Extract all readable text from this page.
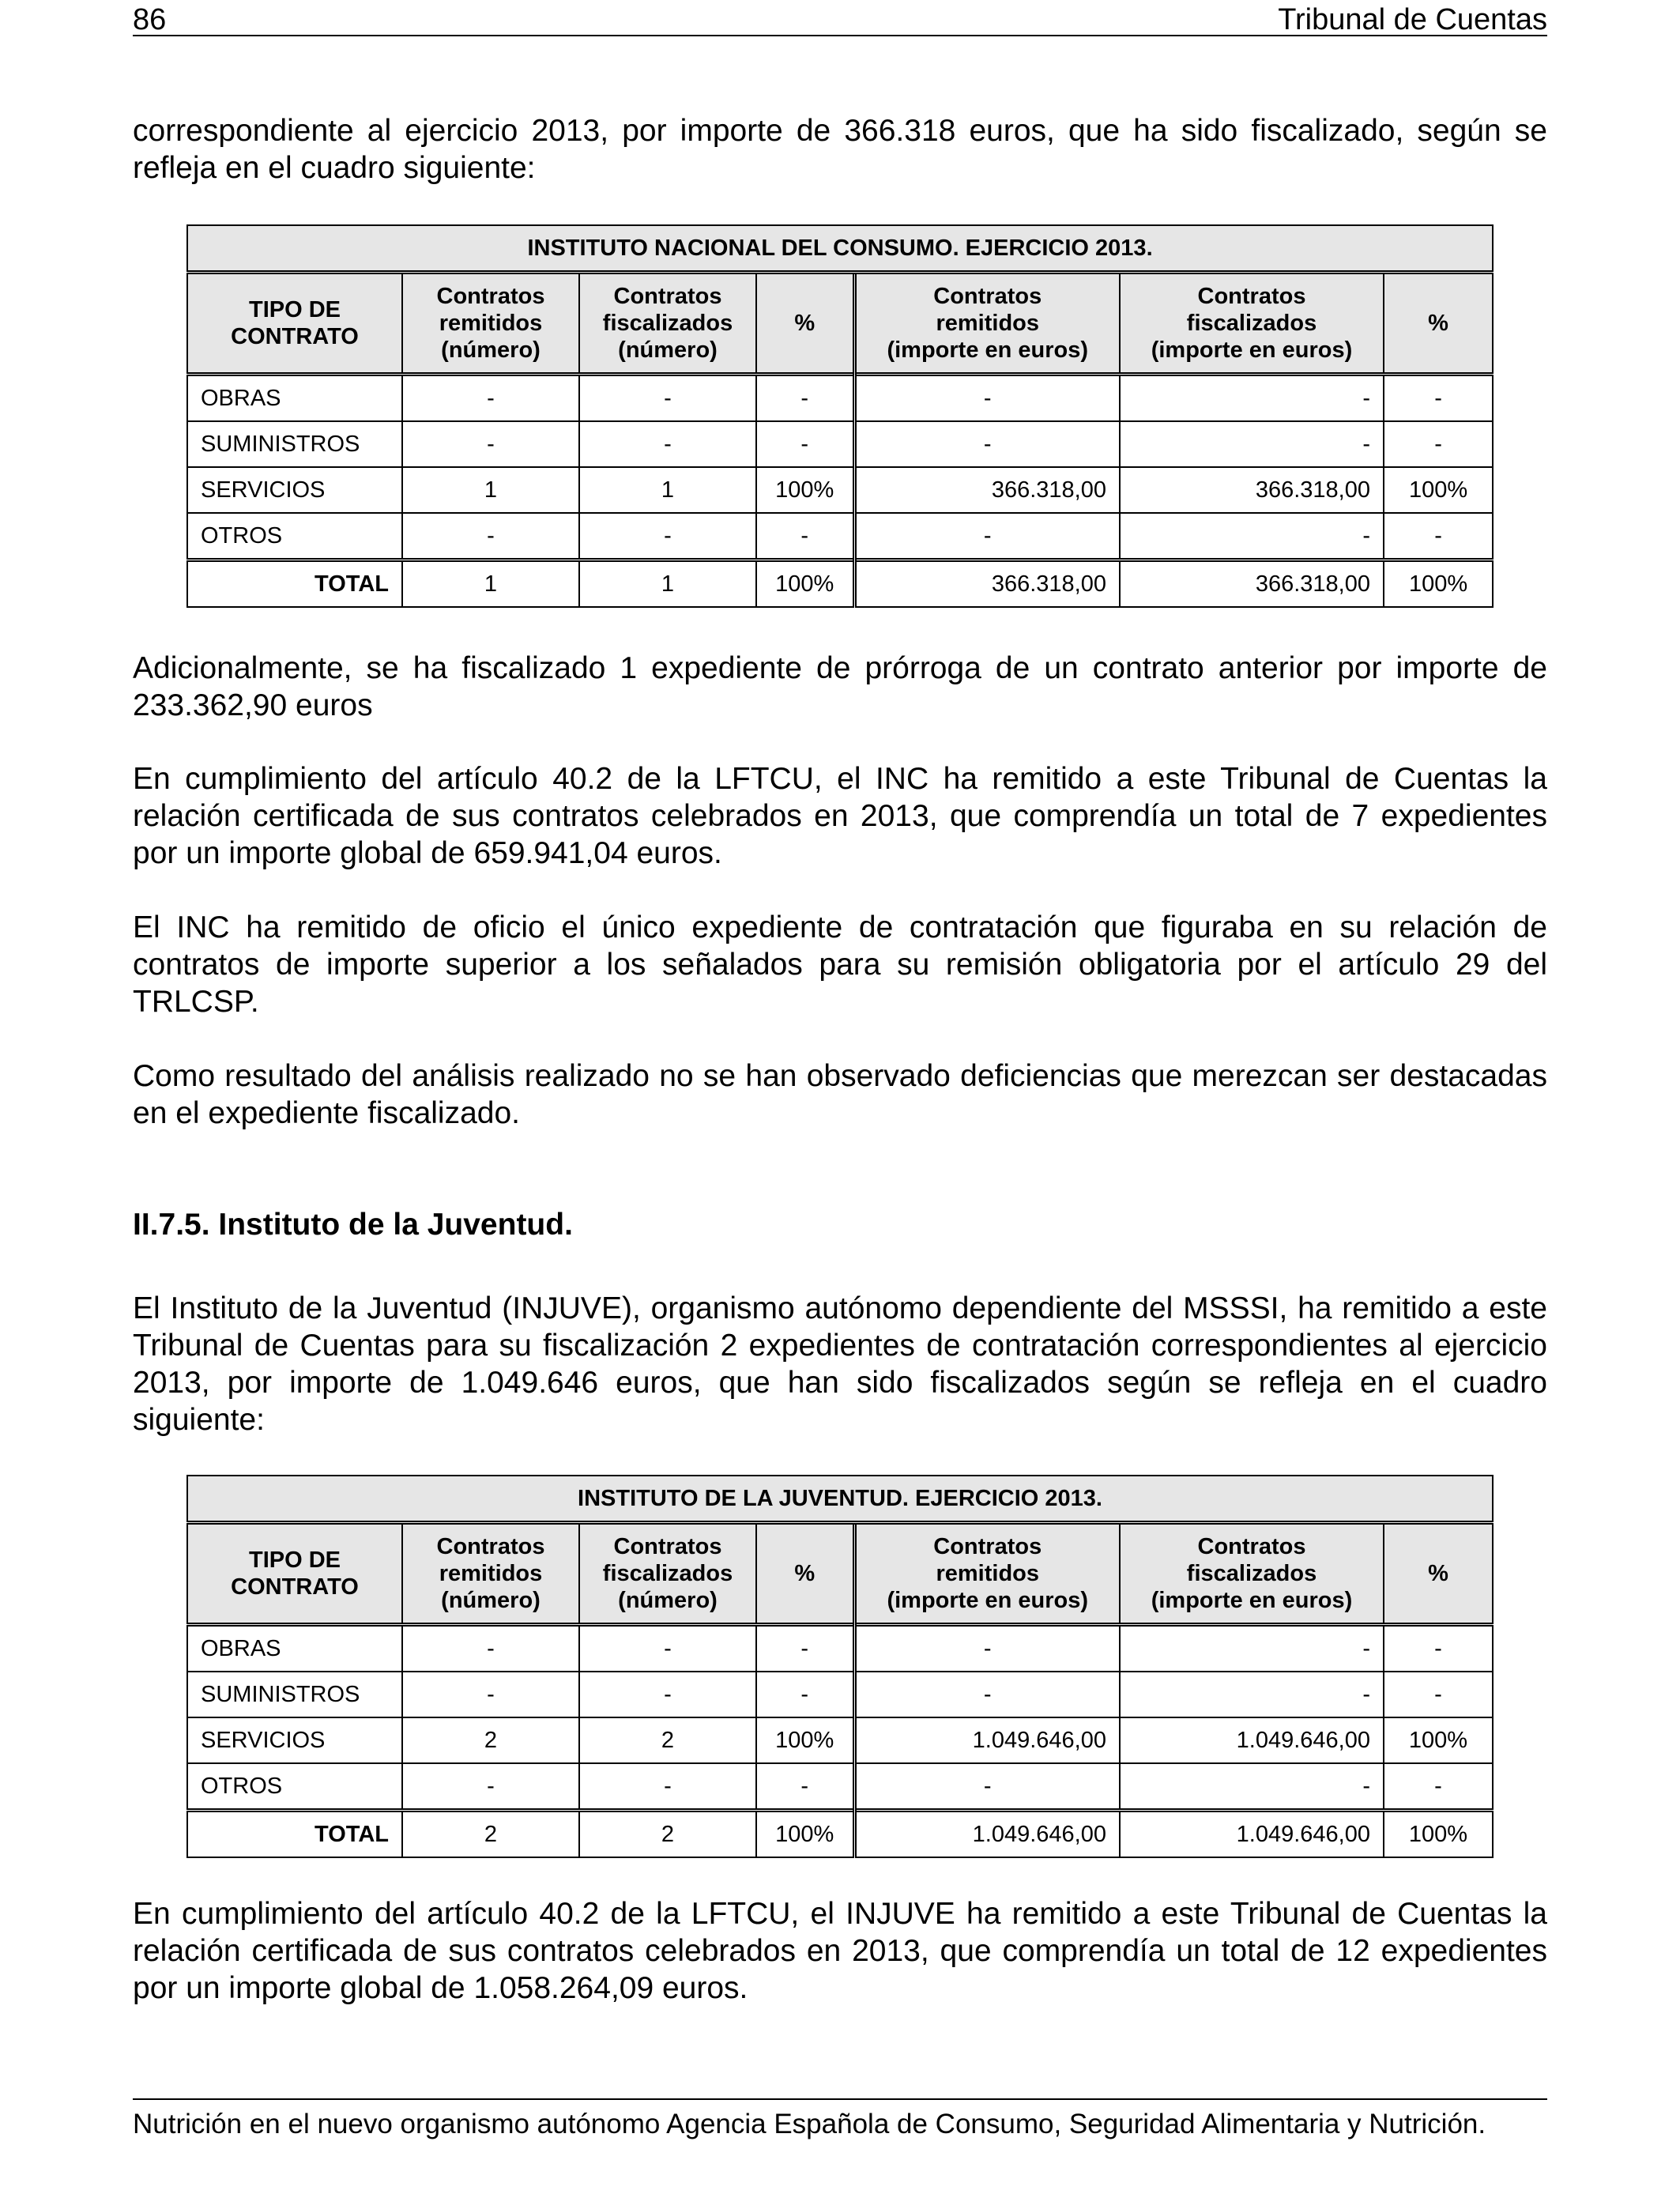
86	Tribunal de Cuentas

correspondiente al ejercicio 2013, por importe de 366.318 euros, que ha sido fiscalizado, según se refleja en el cuadro siguiente:

INSTITUTO NACIONAL DEL CONSUMO. EJERCICIO 2013.						
TIPO DE
CONTRATO	Contratos
remitidos
(número)	Contratos
fiscalizados
(número)	%	Contratos
remitidos
(importe en euros)	Contratos
fiscalizados
(importe en euros)	%
OBRAS	-	-	-	-	-	-
SUMINISTROS	-	-	-	-	-	-
SERVICIOS	1	1	100%	366.318,00	366.318,00	100%
OTROS	-	-	-	-	-	-
TOTAL	1	1	100%	366.318,00	366.318,00	100%

Adicionalmente, se ha fiscalizado 1 expediente de prórroga de un contrato anterior por importe de 233.362,90 euros

En cumplimiento del artículo 40.2 de la LFTCU, el INC ha remitido a este Tribunal de Cuentas la relación certificada de sus contratos celebrados en 2013, que comprendía un total de 7 expedientes por un importe global de 659.941,04 euros.

El INC ha remitido de oficio el único expediente de contratación que figuraba en su relación de contratos de importe superior a los señalados para su remisión obligatoria por el artículo 29 del TRLCSP.

Como resultado del análisis realizado no se han observado deficiencias que merezcan ser destacadas en el expediente fiscalizado.

II.7.5. Instituto de la Juventud.

El Instituto de la Juventud (INJUVE), organismo autónomo dependiente del MSSSI, ha remitido a este Tribunal de Cuentas para su fiscalización 2 expedientes de contratación correspondientes al ejercicio 2013, por importe de 1.049.646 euros, que han sido fiscalizados según se refleja en el cuadro siguiente:

INSTITUTO DE LA JUVENTUD. EJERCICIO 2013.						
TIPO DE
CONTRATO	Contratos
remitidos
(número)	Contratos
fiscalizados
(número)	%	Contratos
remitidos
(importe en euros)	Contratos
fiscalizados
(importe en euros)	%
OBRAS	-	-	-	-	-	-
SUMINISTROS	-	-	-	-	-	-
SERVICIOS	2	2	100%	1.049.646,00	1.049.646,00	100%
OTROS	-	-	-	-	-	-
TOTAL	2	2	100%	1.049.646,00	1.049.646,00	100%

En cumplimiento del artículo 40.2 de la LFTCU, el INJUVE ha remitido a este Tribunal de Cuentas la relación certificada de sus contratos celebrados en 2013, que comprendía un total de 12 expedientes por un importe global de 1.058.264,09 euros.

Nutrición en el nuevo organismo autónomo Agencia Española de Consumo, Seguridad Alimentaria y Nutrición.
